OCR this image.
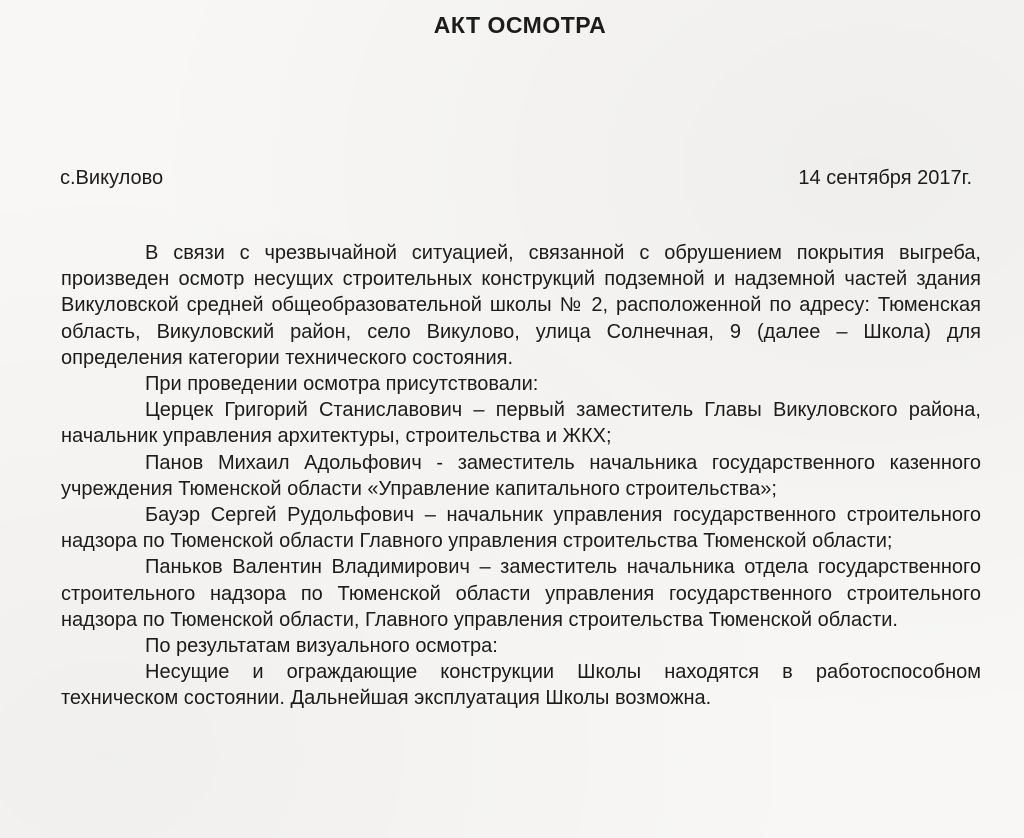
АКТ ОСМОТРА
с.Викулово	14 сентября 2017г.

В связи с чрезвычайной ситуацией, связанной с обрушением покрытия выгреба, произведен осмотр несущих строительных конструкций подземной и надземной частей здания Викуловской средней общеобразовательной школы № 2, расположенной по адресу: Тюменская область, Викуловский район, село Викулово, улица Солнечная, 9 (далее – Школа) для определения категории технического состояния.

При проведении осмотра присутствовали:

Церцек Григорий Станиславович – первый заместитель Главы Викуловского района, начальник управления архитектуры, строительства и ЖКХ;

Панов Михаил Адольфович - заместитель начальника государственного казенного учреждения Тюменской области «Управление капитального строительства»;

Бауэр Сергей Рудольфович – начальник управления государственного строительного надзора по Тюменской области Главного управления строительства Тюменской области;

Паньков Валентин Владимирович – заместитель начальника отдела государственного строительного надзора по Тюменской области управления государственного строительного надзора по Тюменской области, Главного управления строительства Тюменской области.

По результатам визуального осмотра:

Несущие и ограждающие конструкции Школы находятся в работоспособном техническом состоянии. Дальнейшая эксплуатация Школы возможна.
